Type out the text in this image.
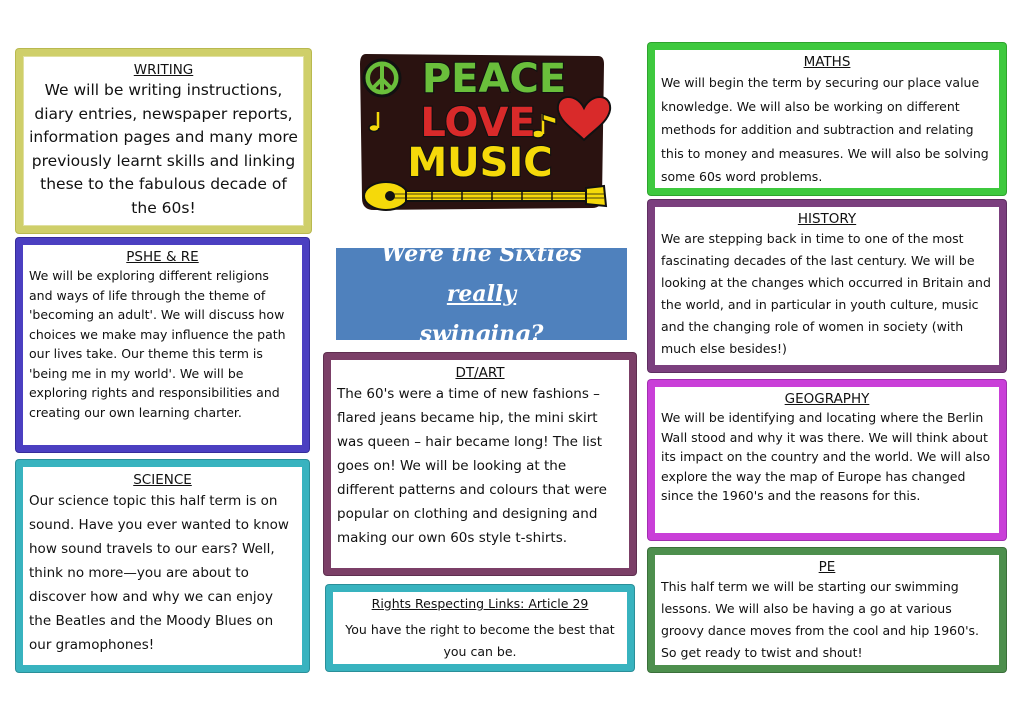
PEACE
LOVE
MUSIC

WRITING

We will be writing instructions, diary entries, newspaper reports, information pages and many more previously learnt skills and linking these to the fabulous decade of the 60s!

PSHE & RE

We will be exploring different religions and ways of life through the theme of 'becoming an adult'. We will discuss how choices we make may influence the path our lives take. Our theme this term is 'being me in my world'. We will be exploring rights and responsibilities and creating our own learning charter.

SCIENCE

Our science topic this half term is on sound. Have you ever wanted to know how sound travels to our ears? Well, think no more—you are about to discover how and why we can enjoy the Beatles and the Moody Blues on our gramophones!

Were the Sixties really
swinging?

DT/ART

The 60's were a time of new fashions – flared jeans became hip, the mini skirt was queen – hair became long! The list goes on! We will be looking at the different patterns and colours that were popular on clothing and designing and making our own 60s style t-shirts.

Rights Respecting Links: Article 29

You have the right to become the best that you can be.

MATHS

We will begin the term by securing our place value knowledge. We will also be working on different methods for addition and subtraction and relating this to money and measures. We will also be solving some 60s word problems.

HISTORY

We are stepping back in time to one of the most fascinating decades of the last century. We will be looking at the changes which occurred in Britain and the world, and in particular in youth culture, music and the changing role of women in society (with much else besides!)

GEOGRAPHY

We will be identifying and locating where the Berlin Wall stood and why it was there. We will think about its impact on the country and the world. We will also explore the way the map of Europe has changed since the 1960's and the reasons for this.

PE

This half term we will be starting our swimming lessons. We will also be having a go at various groovy dance moves from the cool and hip 1960's. So get ready to twist and shout!
